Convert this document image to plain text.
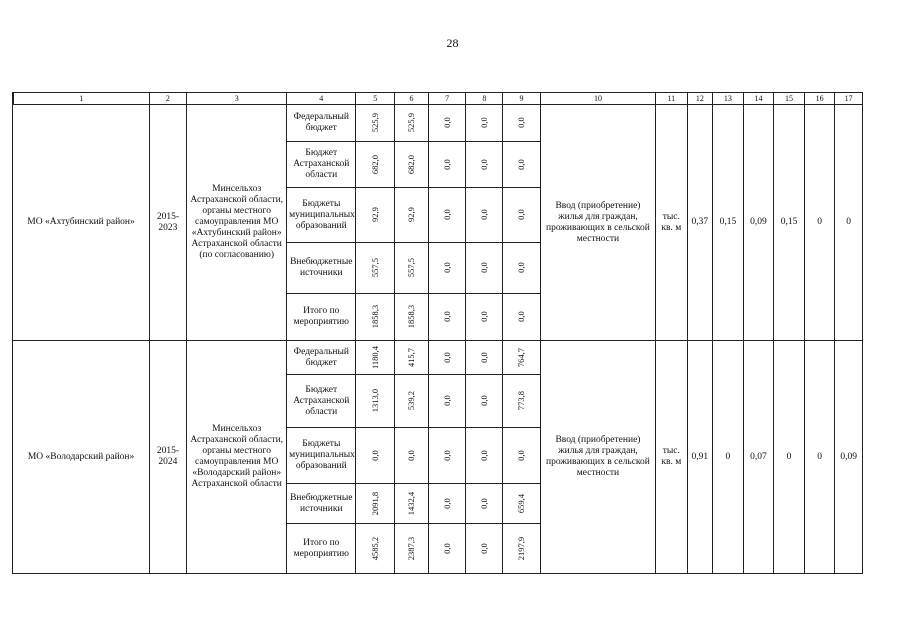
28
	1	2	3	4	5	6	7	8	9	10	11	12	13	14	15	16	17
	МО «Ахтубинский район»	2015-2023	Минсельхоз Астраханской области, органы местного самоуправления МО «Ахтубинский район» Астраханской области (по согласованию)	Федеральный бюджет	525,9	525,9	0,0	0,0	0,0	Ввод (приобретение) жилья для граждан, проживающих в сельской местности	тыс. кв. м	0,37	0,15	0,09	0,15	0	0
			Бюджет Астраханской области	682,0	682,0	0,0	0,0	0,0								
			Бюджеты муниципальных образований	92,9	92,9	0,0	0,0	0,0								
			Внебюджетные источники	557,5	557,5	0,0	0,0	0,0								
			Итого по мероприятию	1858,3	1858,3	0,0	0,0	0,0								
	МО «Володарский район»	2015-2024	Минсельхоз Астраханской области, органы местного самоуправления МО «Володарский район» Астраханской области	Федеральный бюджет	1180,4	415,7	0,0	0,0	764,7	Ввод (приобретение) жилья для граждан, проживающих в сельской местности	тыс. кв. м	0,91	0	0,07	0	0	0,09
			Бюджет Астраханской области	1313,0	539,2	0,0	0,0	773,8								
			Бюджеты муниципальных образований	0,0	0,0	0,0	0,0	0,0								
			Внебюджетные источники	2091,8	1432,4	0,0	0,0	659,4								
			Итого по мероприятию	4585,2	2387,3	0,0	0,0	2197,9								
